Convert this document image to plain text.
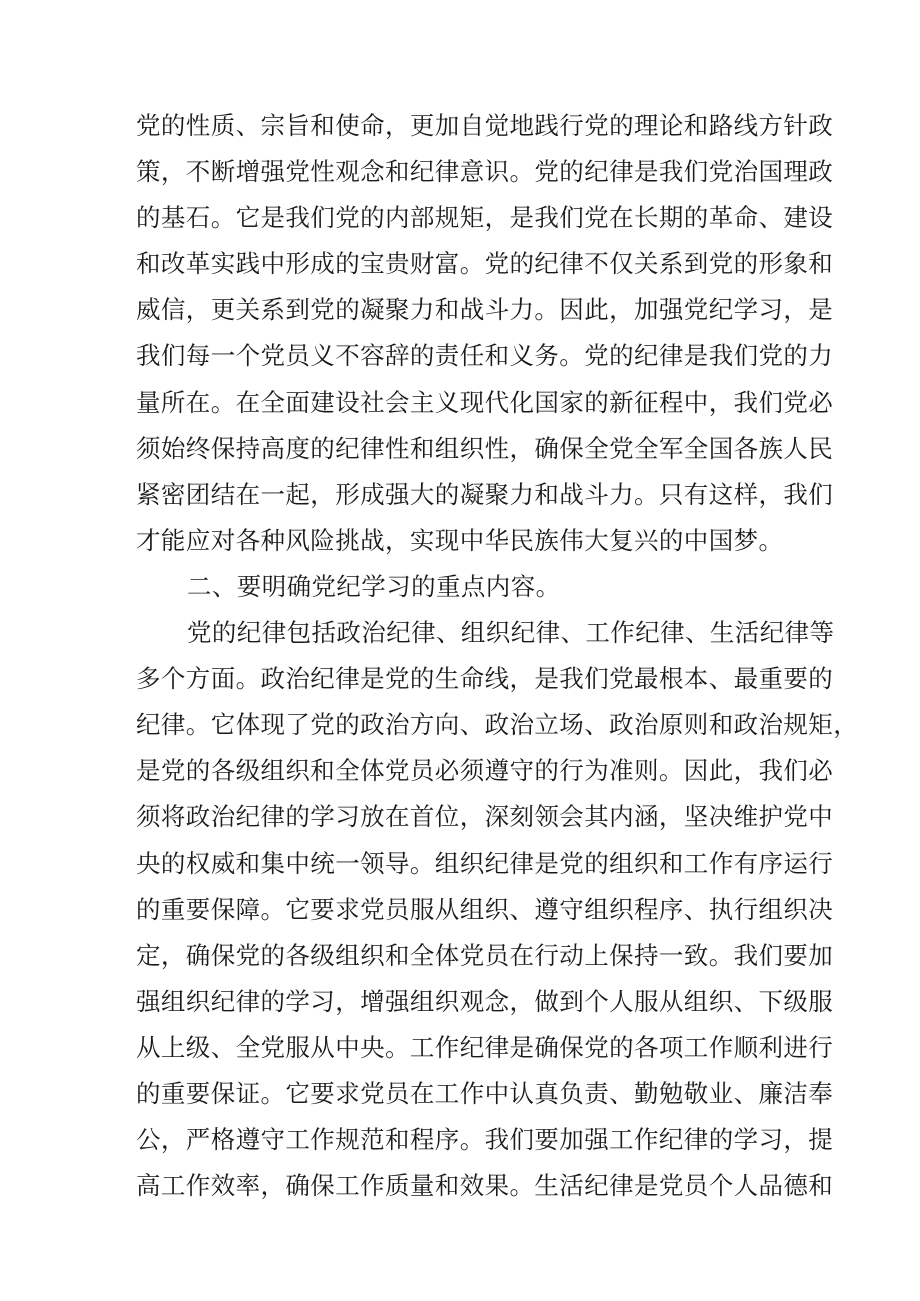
党的性质、宗旨和使命，更加自觉地践行党的理论和路线方针政
策，不断增强党性观念和纪律意识。党的纪律是我们党治国理政
的基石。它是我们党的内部规矩，是我们党在长期的革命、建设
和改革实践中形成的宝贵财富。党的纪律不仅关系到党的形象和
威信，更关系到党的凝聚力和战斗力。因此，加强党纪学习，是
我们每一个党员义不容辞的责任和义务。党的纪律是我们党的力
量所在。在全面建设社会主义现代化国家的新征程中，我们党必
须始终保持高度的纪律性和组织性，确保全党全军全国各族人民
紧密团结在一起，形成强大的凝聚力和战斗力。只有这样，我们
才能应对各种风险挑战，实现中华民族伟大复兴的中国梦。
二、要明确党纪学习的重点内容。
党的纪律包括政治纪律、组织纪律、工作纪律、生活纪律等
多个方面。政治纪律是党的生命线，是我们党最根本、最重要的
纪律。它体现了党的政治方向、政治立场、政治原则和政治规矩，
是党的各级组织和全体党员必须遵守的行为准则。因此，我们必
须将政治纪律的学习放在首位，深刻领会其内涵，坚决维护党中
央的权威和集中统一领导。组织纪律是党的组织和工作有序运行
的重要保障。它要求党员服从组织、遵守组织程序、执行组织决
定，确保党的各级组织和全体党员在行动上保持一致。我们要加
强组织纪律的学习，增强组织观念，做到个人服从组织、下级服
从上级、全党服从中央。工作纪律是确保党的各项工作顺利进行
的重要保证。它要求党员在工作中认真负责、勤勉敬业、廉洁奉
公，严格遵守工作规范和程序。我们要加强工作纪律的学习，提
高工作效率，确保工作质量和效果。生活纪律是党员个人品德和
